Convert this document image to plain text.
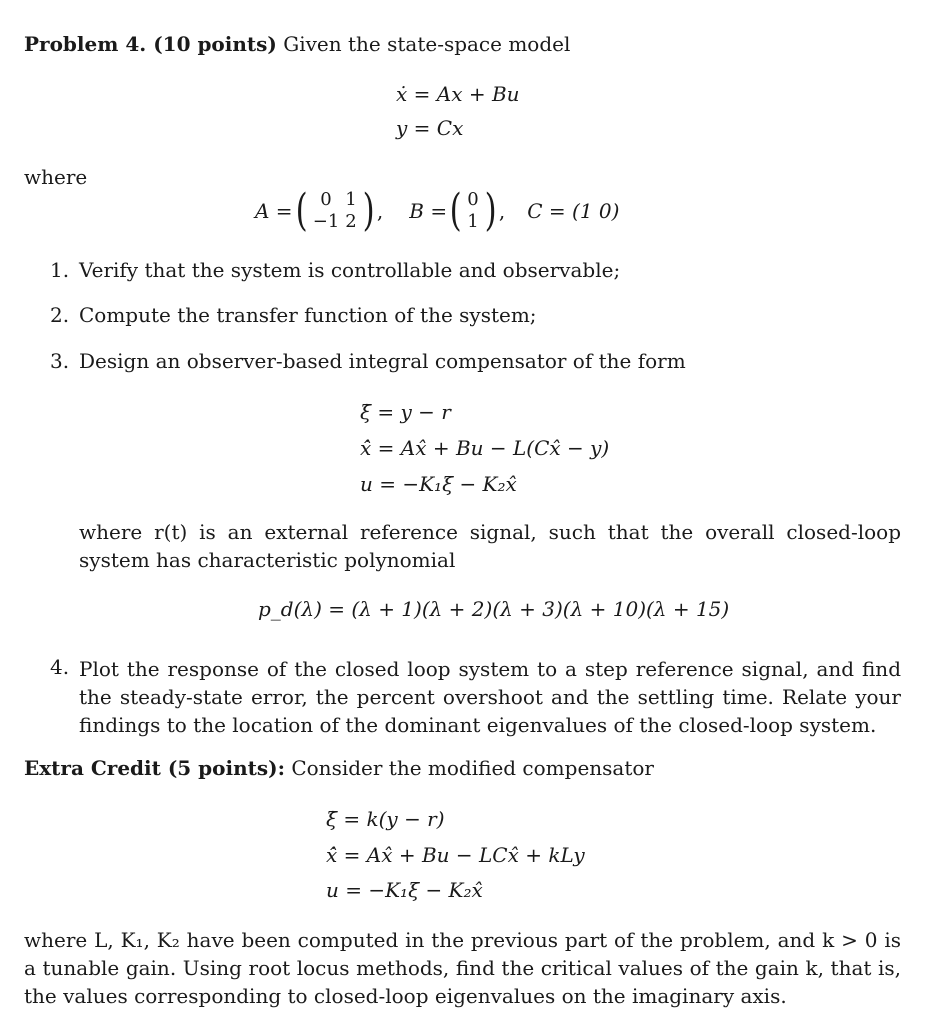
Problem 4. (10 points) Given the state-space model
ẋ = Ax + Bu
y = Cx
where
A = ( 0	1
−1	2 ) , B = ( 0
1 ) , C = (1 0)
1. Verify that the system is controllable and observable;
2. Compute the transfer function of the system;
3. Design an observer-based integral compensator of the form
ξ̇ = y − r
x̂̇ = Ax̂ + Bu − L(Cx̂ − y)
u = −K₁ξ − K₂x̂
where r(t) is an external reference signal, such that the overall closed-loop system has characteristic polynomial
p_d(λ) = (λ + 1)(λ + 2)(λ + 3)(λ + 10)(λ + 15)
4. Plot the response of the closed loop system to a step reference signal, and find the steady-state error, the percent overshoot and the settling time. Relate your findings to the location of the dominant eigenvalues of the closed-loop system.
Extra Credit (5 points): Consider the modified compensator
ξ̇ = k(y − r)
x̂̇ = Ax̂ + Bu − LCx̂ + kLy
u = −K₁ξ − K₂x̂
where L, K₁, K₂ have been computed in the previous part of the problem, and k > 0 is a tunable gain. Using root locus methods, find the critical values of the gain k, that is, the values corresponding to closed-loop eigenvalues on the imaginary axis.
